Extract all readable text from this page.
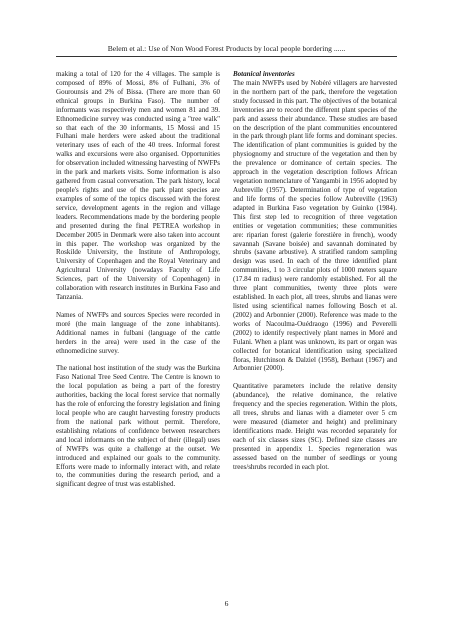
Belem et al.: Use of Non Wood Forest Products by local people bordering ......

making a total of 120 for the 4 villages. The sample is composed of 89% of Mossi, 8% of Fulhani, 3% of Gourounsis and 2% of Bissa. (There are more than 60 ethnical groups in Burkina Faso). The number of informants was respectively men and women 81 and 39. Ethnomedicine survey was conducted using a "tree walk" so that each of the 30 informants, 15 Mossi and 15 Fulhani male herders were asked about the traditional veterinary uses of each of the 40 trees. Informal forest walks and excursions were also organised. Opportunities for observation included witnessing harvesting of NWFPs in the park and markets visits. Some information is also gathered from casual conversation. The park history, local people's rights and use of the park plant species are examples of some of the topics discussed with the forest service, development agents in the region and village leaders. Recommendations made by the bordering people and presented during the final PETREA workshop in December 2005 in Denmark were also taken into account in this paper. The workshop was organized by the Roskilde University, the Institute of Anthropology, University of Copenhagen and the Royal Veterinary and Agricultural University (nowadays Faculty of Life Sciences, part of the University of Copenhagen) in collaboration with research institutes in Burkina Faso and Tanzania.

Names of NWFPs and sources Species were recorded in moré (the main language of the zone inhabitants). Additional names in fulbani (language of the cattle herders in the area) were used in the case of the ethnomedicine survey.

The national host institution of the study was the Burkina Faso National Tree Seed Centre. The Centre is known to the local population as being a part of the forestry authorities, backing the local forest service that normally has the role of enforcing the forestry legislation and fining local people who are caught harvesting forestry products from the national park without permit. Therefore, establishing relations of confidence between researchers and local informants on the subject of their (illegal) uses of NWFPs was quite a challenge at the outset. We introduced and explained our goals to the community. Efforts were made to informally interact with, and relate to, the communities during the research period, and a significant degree of trust was established.

Botanical inventories

The main NWFPs used by Nobéré villagers are harvested in the northern part of the park, therefore the vegetation study focussed in this part. The objectives of the botanical inventories are to record the different plant species of the park and assess their abundance. These studies are based on the description of the plant communities encountered in the park through plant life forms and dominant species. The identification of plant communities is guided by the physiognomy and structure of the vegetation and then by the prevalence or dominance of certain species. The approach in the vegetation description follows African vegetation nomenclature of Yangambi in 1956 adopted by Aubreville (1957). Determination of type of vegetation and life forms of the species follow Aubreville (1963) adapted in Burkina Faso vegetation by Guinko (1984). This first step led to recognition of three vegetation entities or vegetation communities; these communities are: riparian forest (galerie forestière in french), woody savannah (Savane boisée) and savannah dominated by shrubs (savane arbustive). A stratified random sampling design was used. In each of the three identified plant communities, 1 to 3 circular plots of 1000 meters square (17.84 m radius) were randomly established. For all the three plant communities, twenty three plots were established. In each plot, all trees, shrubs and lianas were listed using scientifical names following Bosch et al. (2002) and Arbonnier (2000). Reference was made to the works of Nacoulma-Ouédraogo (1996) and Peverelli (2002) to identify respectively plant names in Moré and Fulani. When a plant was unknown, its part or organ was collected for botanical identification using specialized floras, Hutchinson & Dalziel (1958), Berhaut (1967) and Arbonnier (2000).

Quantitative parameters include the relative density (abundance), the relative dominance, the relative frequency and the species regeneration. Within the plots, all trees, shrubs and lianas with a diameter over 5 cm were measured (diameter and height) and preliminary identifications made. Height was recorded separately for each of six classes sizes (SC). Defined size classes are presented in appendix 1. Species regeneration was assessed based on the number of seedlings or young trees/shrubs recorded in each plot.

6
